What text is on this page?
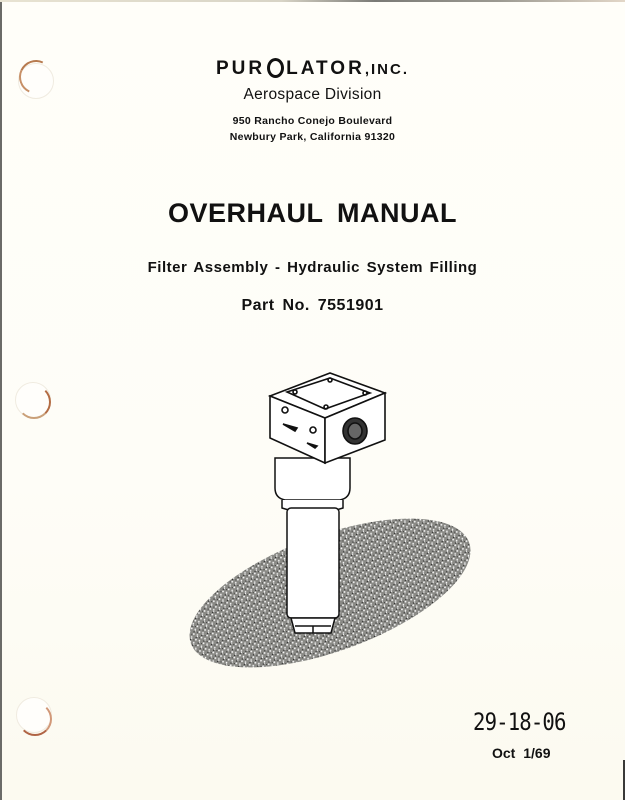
PUR LATOR,INC.
Aerospace Division
950 Rancho Conejo Boulevard
Newbury Park, California 91320
OVERHAUL MANUAL
Filter Assembly - Hydraulic System Filling
Part No. 7551901
29-18-06
Oct 1/69
